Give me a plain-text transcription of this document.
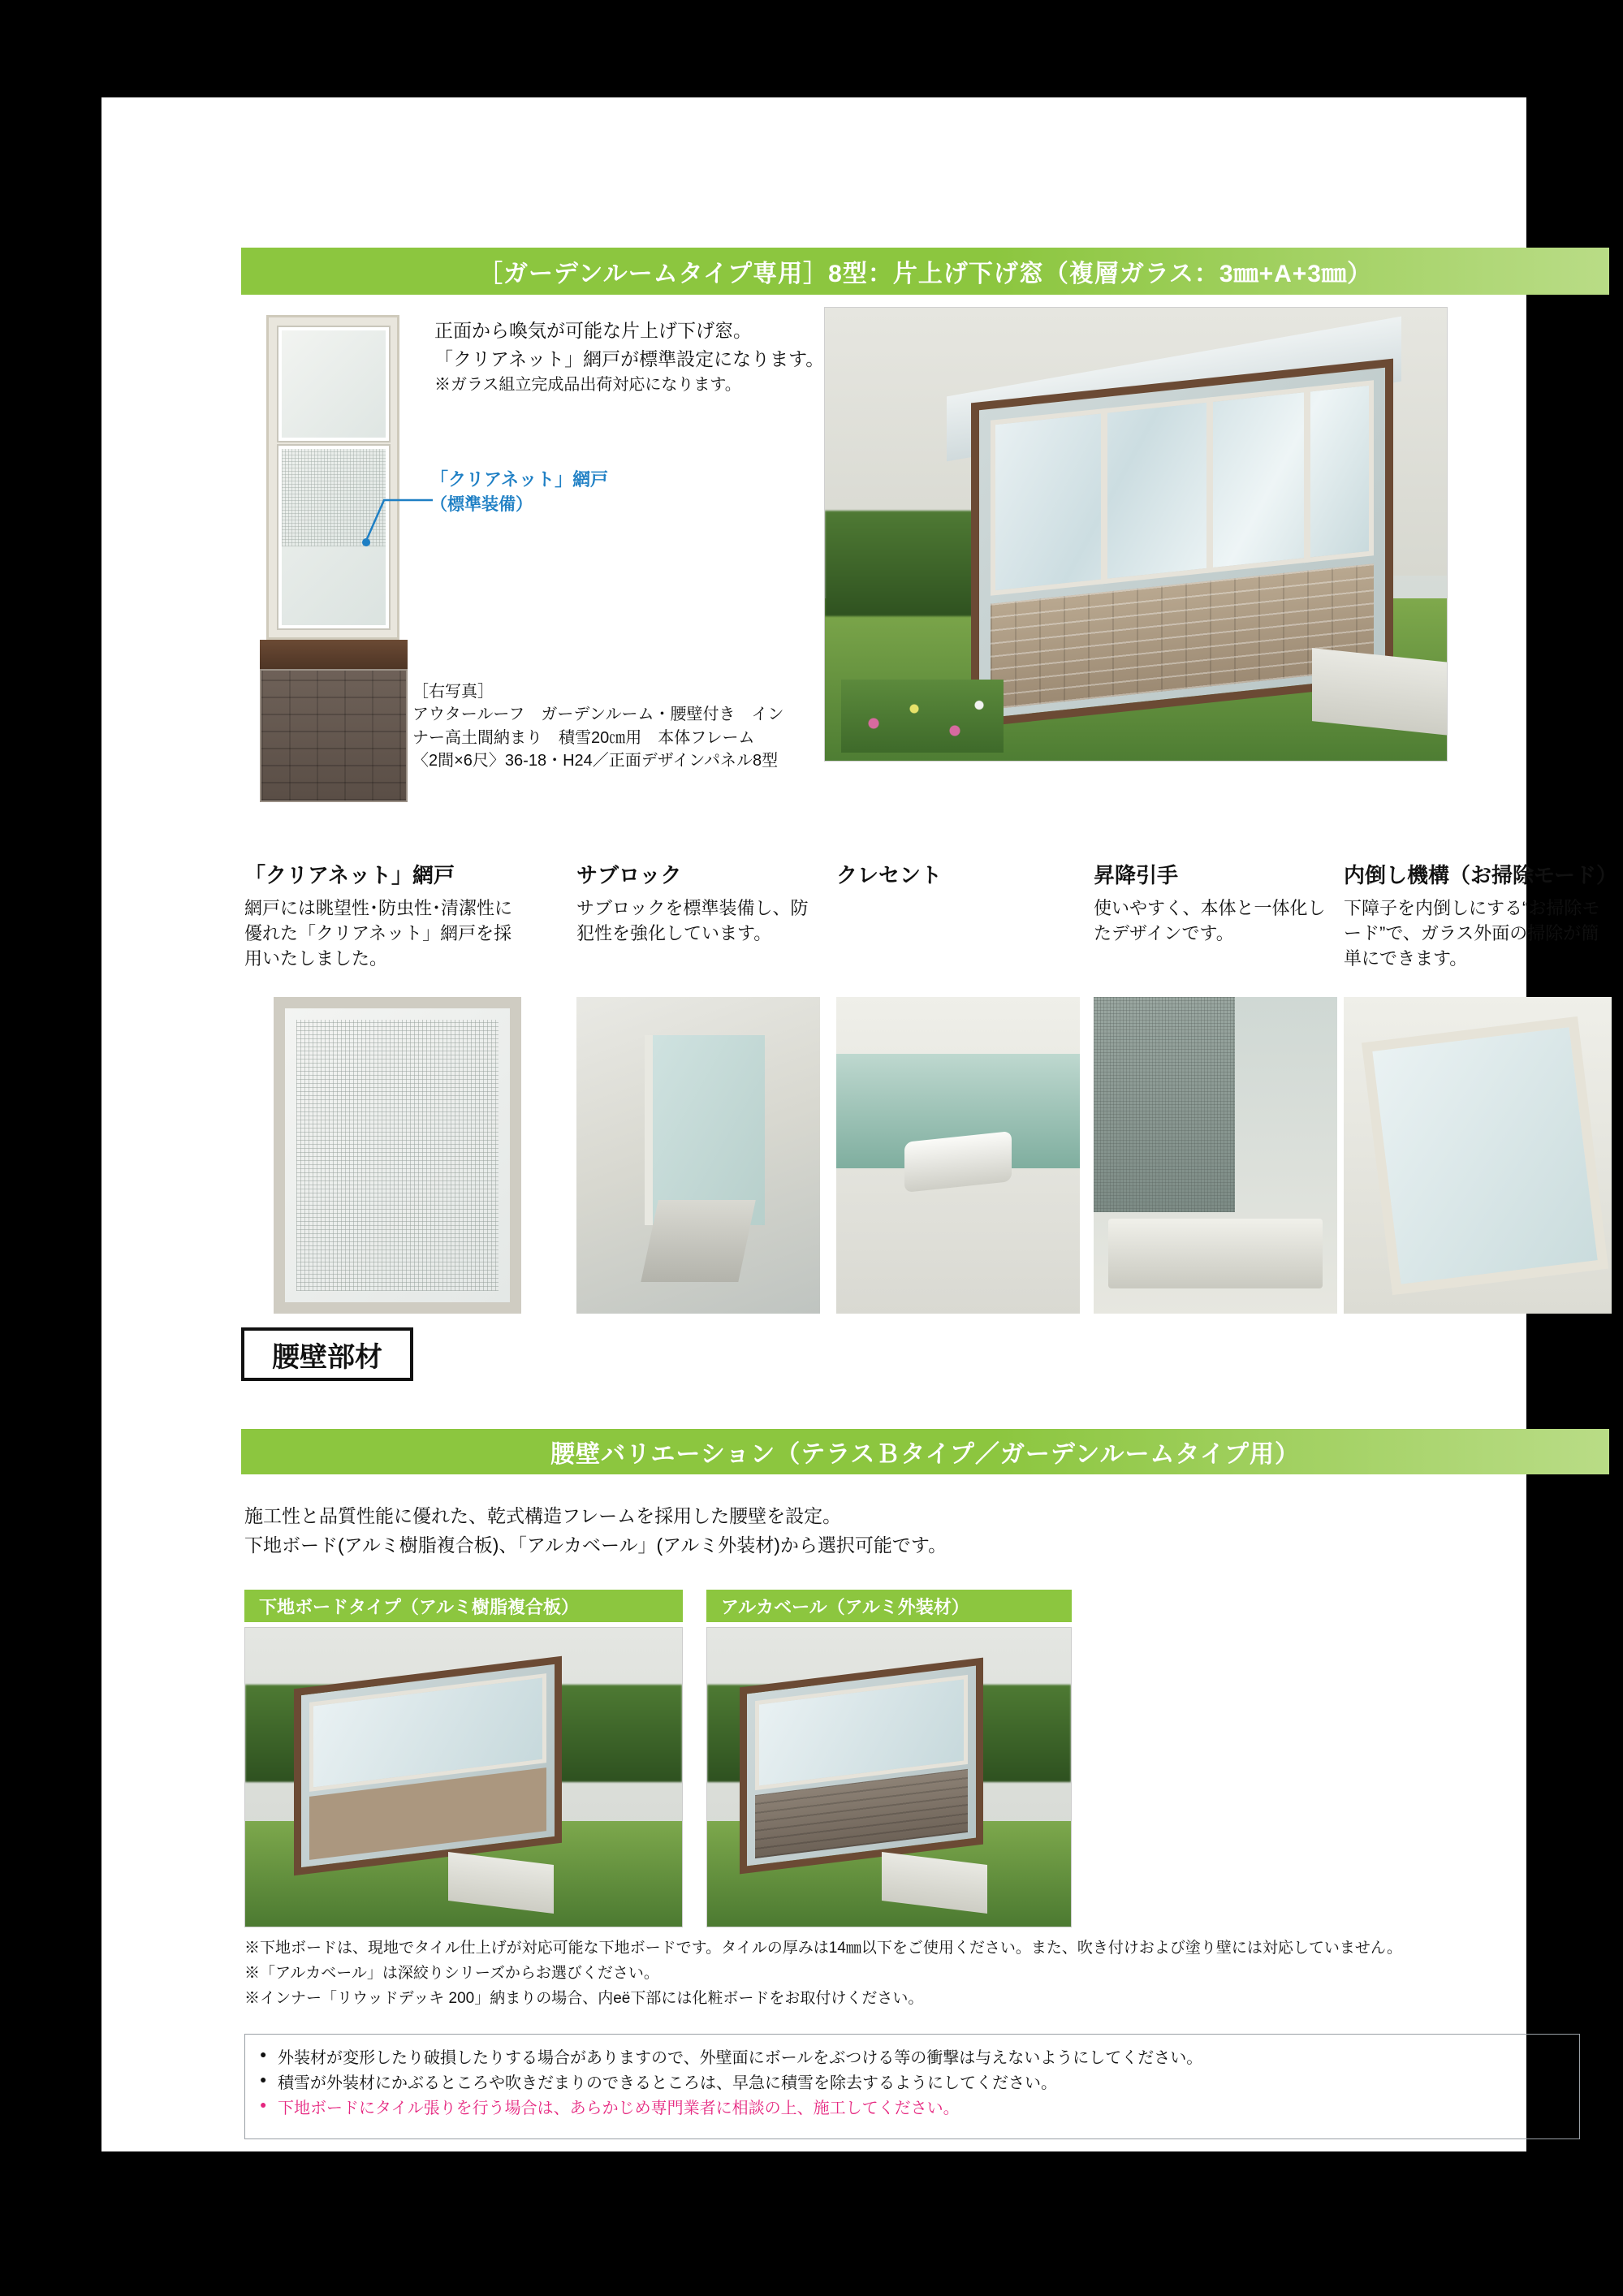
［ガーデンルームタイプ専用］8型：片上げ下げ窓（複層ガラス：3㎜+A+3㎜）
「クリアネット」網戸
（標準装備）
正面から喚気が可能な片上げ下げ窓。
「クリアネット」網戸が標準設定になります。
※ガラス組立完成品出荷対応になります。
［右写真］
アウタールーフ　ガーデンルーム・腰壁付き　イン
ナー高土間納まり　積雪20㎝用　本体フレーム
〈2間×6尺〉36-18・H24／正面デザインパネル8型
「クリアネット」網戸
網戸には眺望性･防虫性･清潔性に優れた「クリアネット」網戸を採用いたしました。
サブロック
サブロックを標準装備し、防犯性を強化しています。
クレセント	昇降引手
使いやすく、本体と一体化したデザインです。
内倒し機構（お掃除モード）
下障子を内倒しにする“お掃除モード”で、ガラス外面の掃除が簡単にできます。
腰壁部材
腰壁バリエーション（テラスＢタイプ／ガーデンルームタイプ用）
施工性と品質性能に優れた、乾式構造フレームを採用した腰壁を設定。
下地ボード(アルミ樹脂複合板)、「アルカベール」(アルミ外装材)から選択可能です。
下地ボードタイプ（アルミ樹脂複合板）	アルカベール（アルミ外装材）
※下地ボードは、現地でタイル仕上げが対応可能な下地ボードです。タイルの厚みは14㎜以下をご使用ください。また、吹き付けおよび塗り壁には対応していません。
※「アルカベール」は深絞りシリーズからお選びください。
※インナー「リウッドデッキ 200」納まりの場合、内её下部には化粧ボードをお取付けください。
● 外装材が変形したり破損したりする場合がありますので、外壁面にボールをぶつける等の衝撃は与えないようにしてください。
● 積雪が外装材にかぶるところや吹きだまりのできるところは、早急に積雪を除去するようにしてください。
● 下地ボードにタイル張りを行う場合は、あらかじめ専門業者に相談の上、施工してください。
